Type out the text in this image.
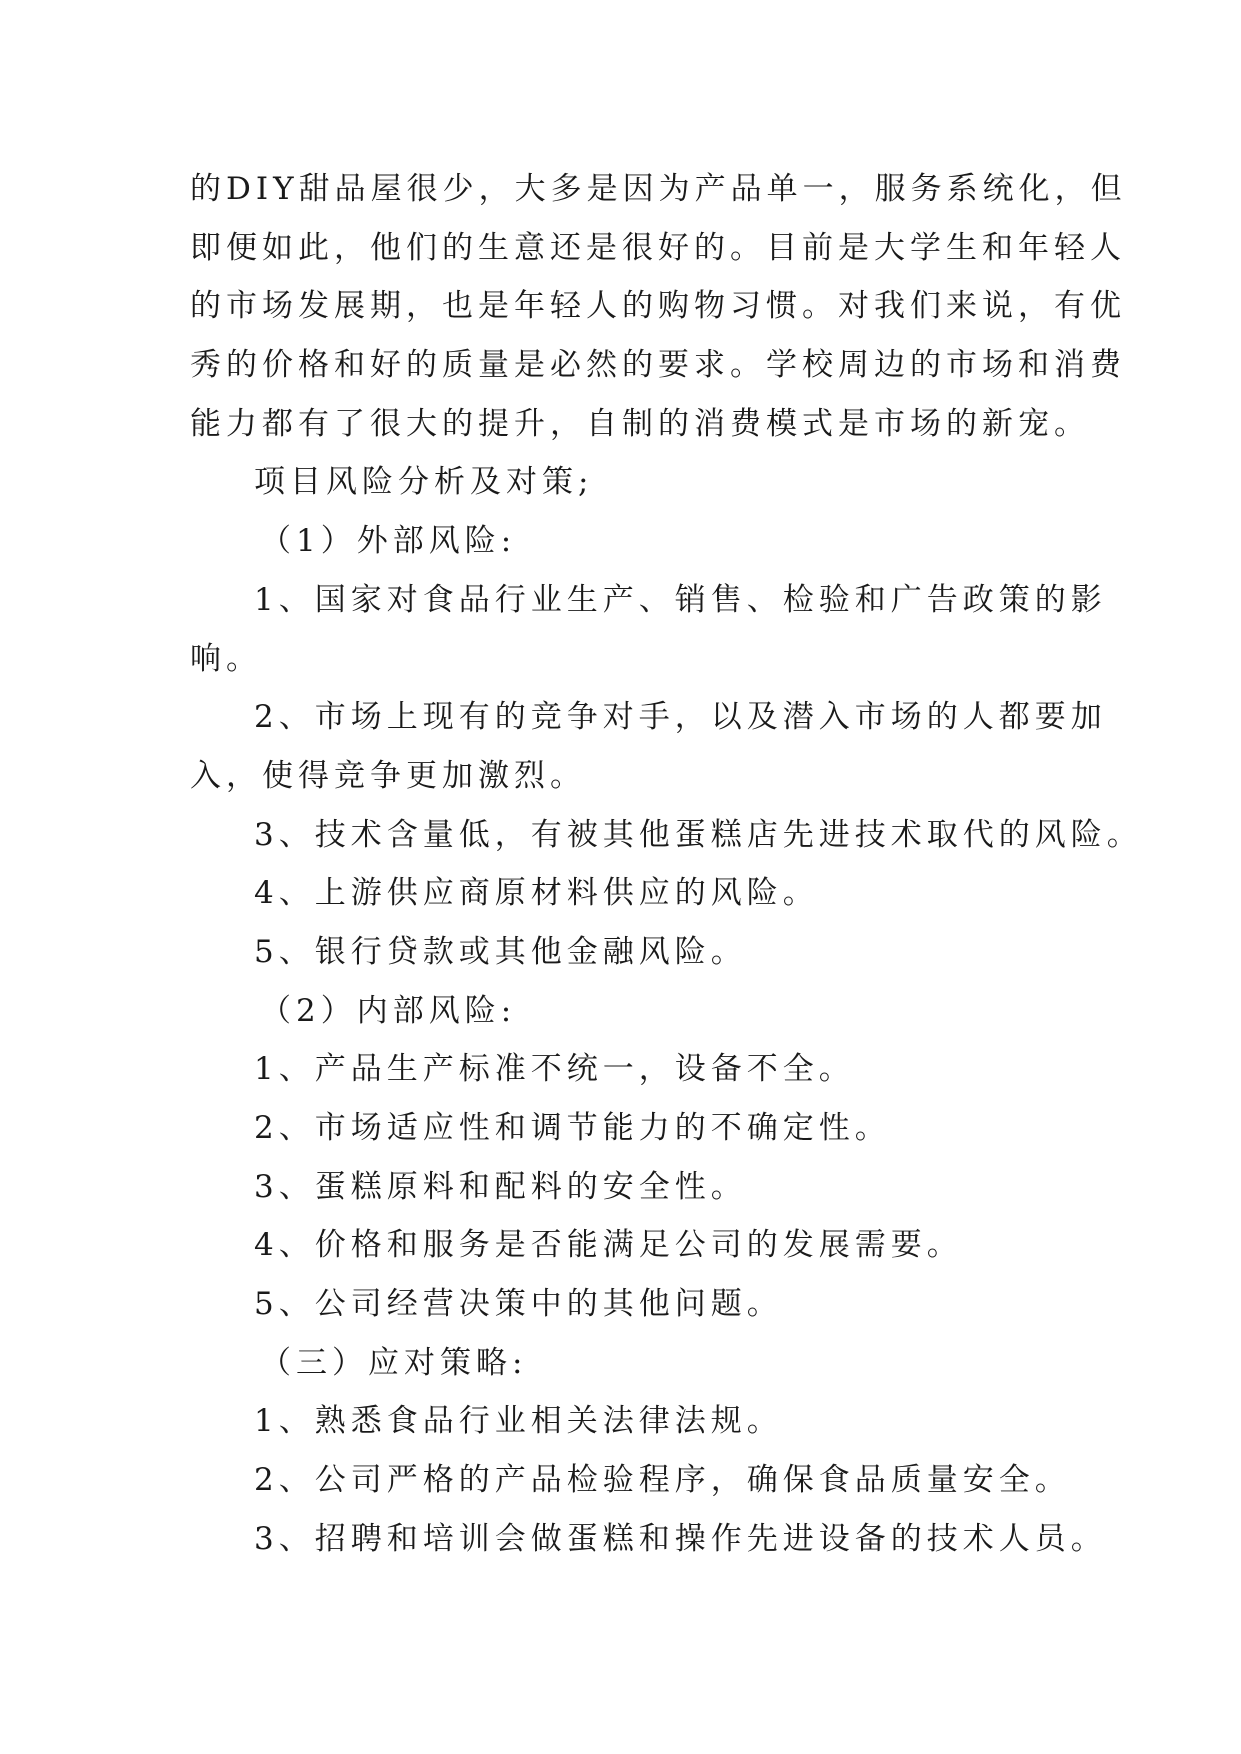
的DIY甜品屋很少，大多是因为产品单一，服务系统化，但
即便如此，他们的生意还是很好的。目前是大学生和年轻人
的市场发展期，也是年轻人的购物习惯。对我们来说，有优
秀的价格和好的质量是必然的要求。学校周边的市场和消费
能力都有了很大的提升，自制的消费模式是市场的新宠。
项目风险分析及对策;
（1）外部风险:
1、国家对食品行业生产、销售、检验和广告政策的影
响。
2、市场上现有的竞争对手，以及潜入市场的人都要加
入，使得竞争更加激烈。
3、技术含量低，有被其他蛋糕店先进技术取代的风险。
4、上游供应商原材料供应的风险。
5、银行贷款或其他金融风险。
（2）内部风险:
1、产品生产标准不统一，设备不全。
2、市场适应性和调节能力的不确定性。
3、蛋糕原料和配料的安全性。
4、价格和服务是否能满足公司的发展需要。
5、公司经营决策中的其他问题。
（三）应对策略:
1、熟悉食品行业相关法律法规。
2、公司严格的产品检验程序，确保食品质量安全。
3、招聘和培训会做蛋糕和操作先进设备的技术人员。
